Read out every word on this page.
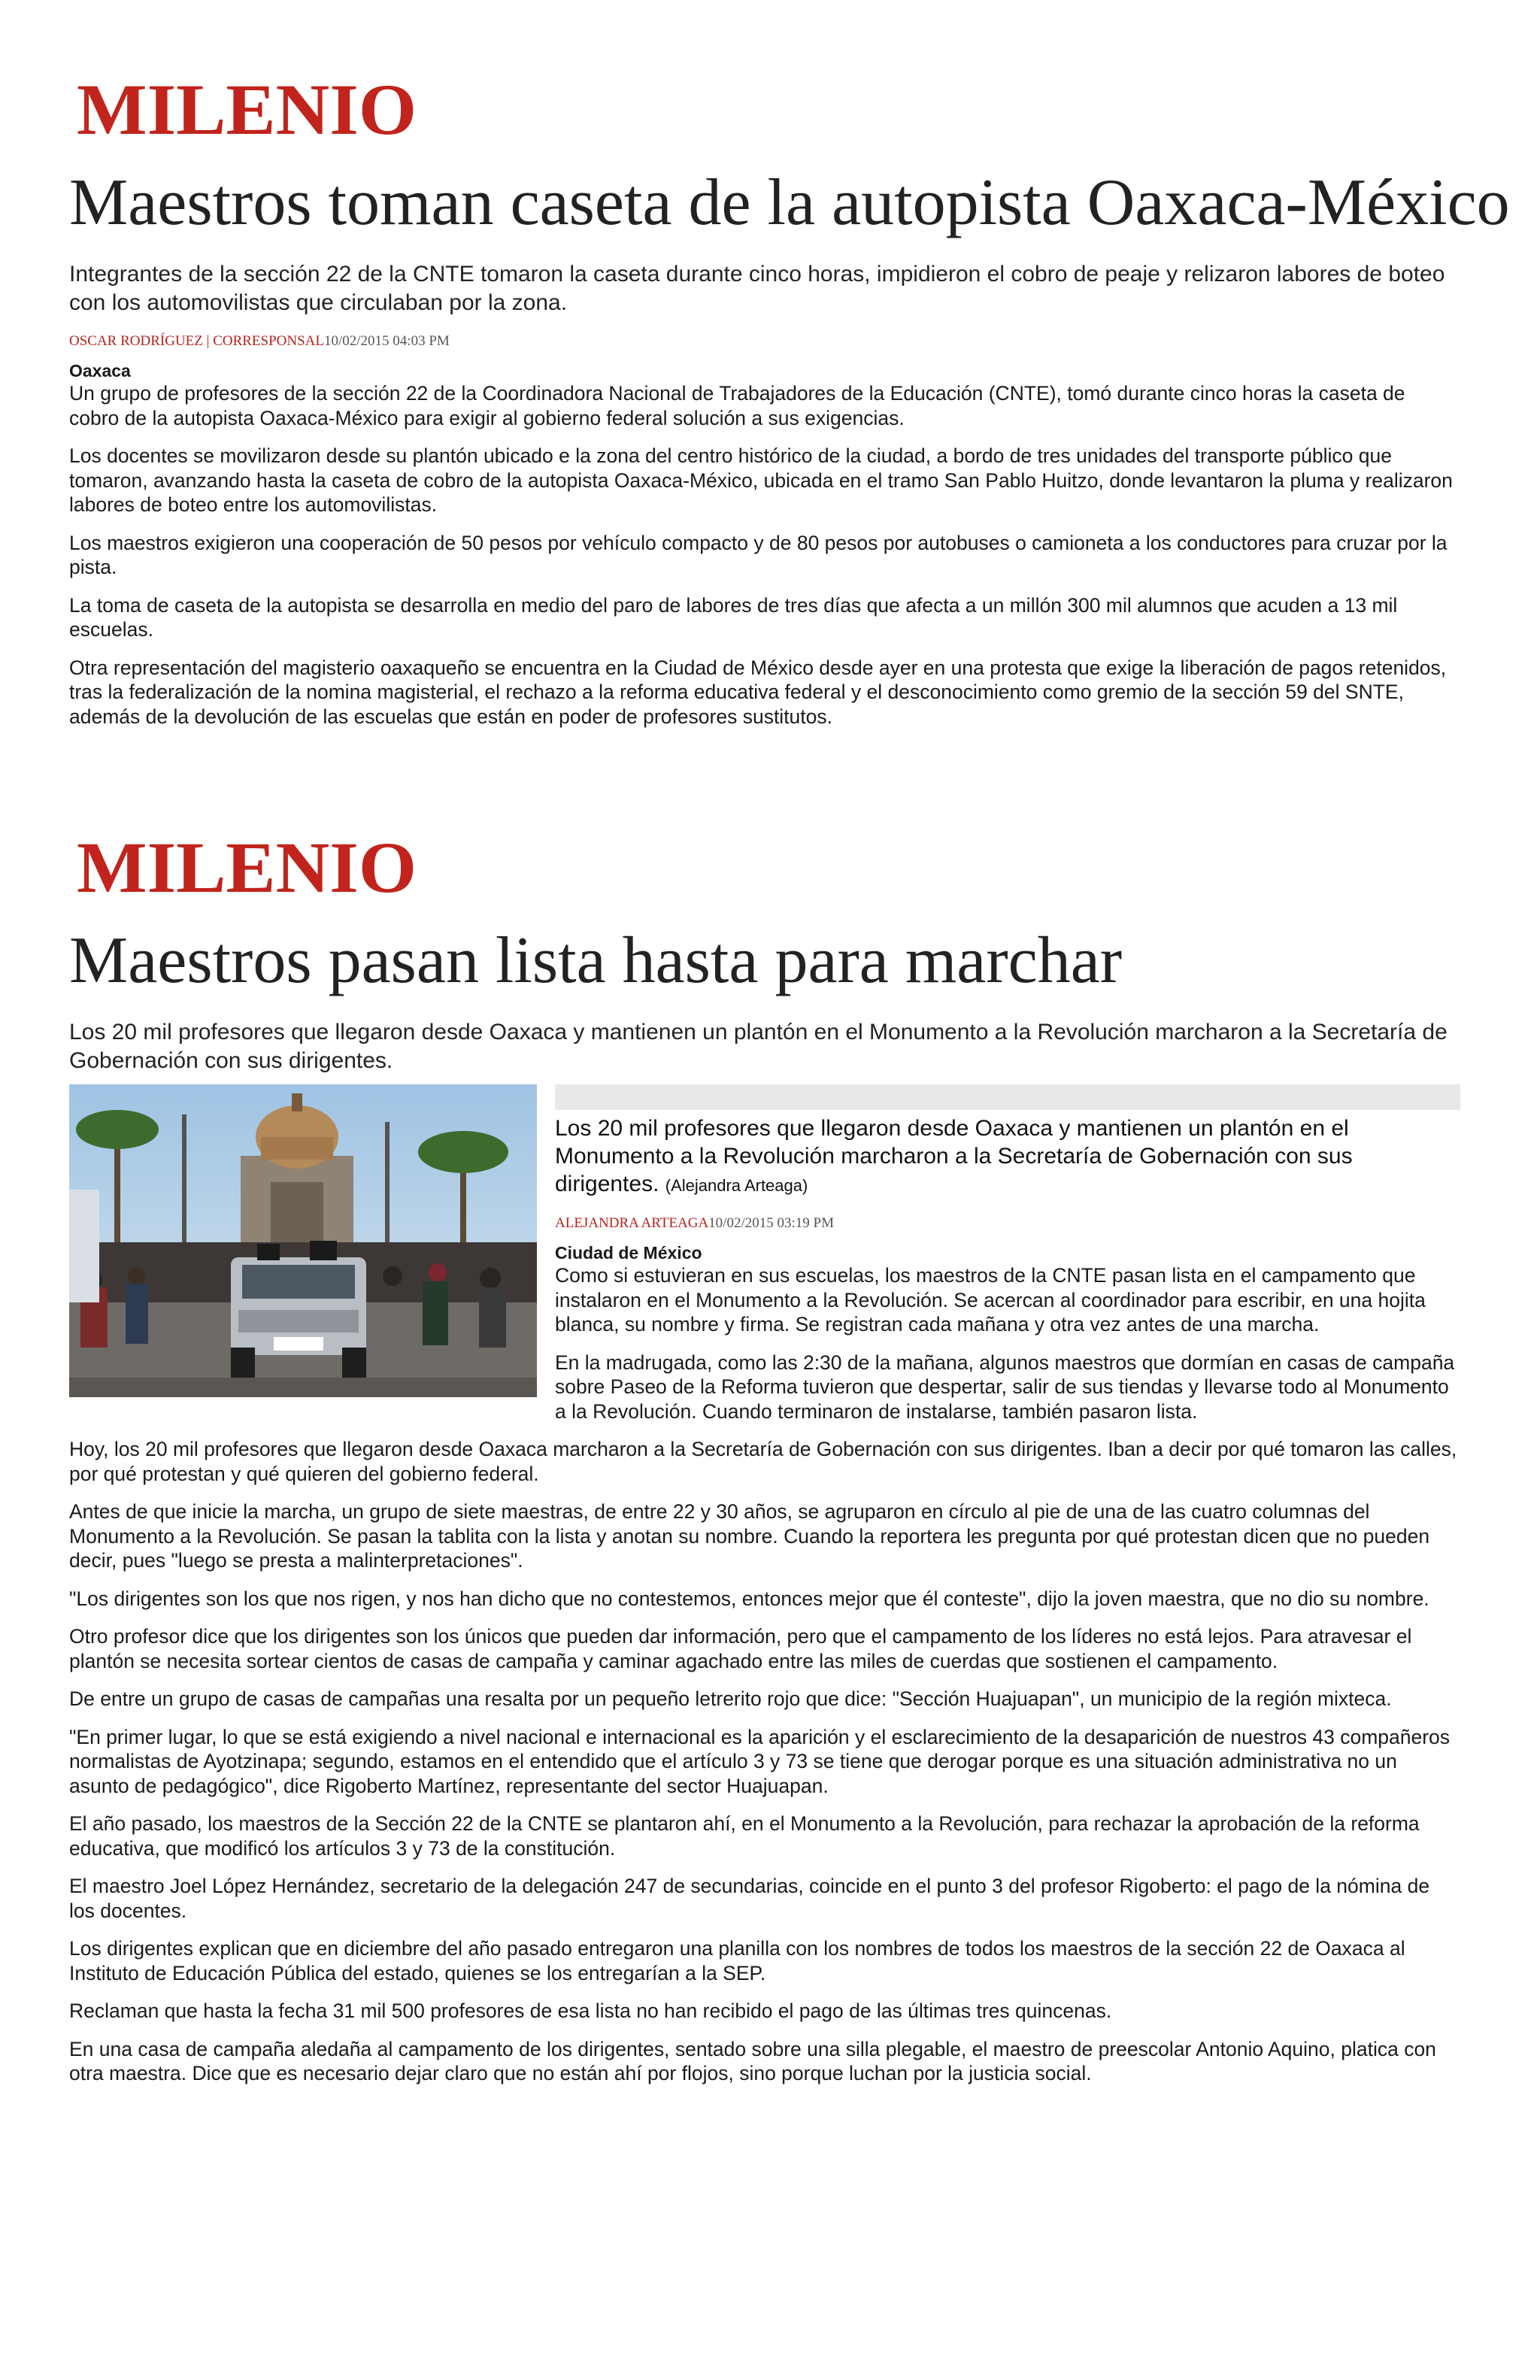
MILENIO
Maestros toman caseta de la autopista Oaxaca-México

Integrantes de la sección 22 de la CNTE tomaron la caseta durante cinco horas, impidieron el cobro de peaje y relizaron labores de boteo con los automovilistas que circulaban por la zona.

OSCAR RODRÍGUEZ | CORRESPONSAL10/02/2015 04:03 PM
Oaxaca

Un grupo de profesores de la sección 22 de la Coordinadora Nacional de Trabajadores de la Educación (CNTE), tomó durante cinco horas la caseta de cobro de la autopista Oaxaca-México para exigir al gobierno federal solución a sus exigencias.

Los docentes se movilizaron desde su plantón ubicado e la zona del centro histórico de la ciudad, a bordo de tres unidades del transporte público que tomaron, avanzando hasta la caseta de cobro de la autopista Oaxaca-México, ubicada en el tramo San Pablo Huitzo, donde levantaron la pluma y realizaron labores de boteo entre los automovilistas.

Los maestros exigieron una cooperación de 50 pesos por vehículo compacto y de 80 pesos por autobuses o camioneta a los conductores para cruzar por la pista.

La toma de caseta de la autopista se desarrolla en medio del paro de labores de tres días que afecta a un millón 300 mil alumnos que acuden a 13 mil escuelas.

Otra representación del magisterio oaxaqueño se encuentra en la Ciudad de México desde ayer en una protesta que exige la liberación de pagos retenidos, tras la federalización de la nomina magisterial, el rechazo a la reforma educativa federal y el desconocimiento como gremio de la sección 59 del SNTE, además de la devolución de las escuelas que están en poder de profesores sustitutos.

MILENIO
Maestros pasan lista hasta para marchar

Los 20 mil profesores que llegaron desde Oaxaca y mantienen un plantón en el Monumento a la Revolución marcharon a la Secretaría de Gobernación con sus dirigentes.

Los 20 mil profesores que llegaron desde Oaxaca y mantienen un plantón en el Monumento a la Revolución marcharon a la Secretaría de Gobernación con sus dirigentes. (Alejandra Arteaga)

ALEJANDRA ARTEAGA10/02/2015 03:19 PM
Ciudad de México

Como si estuvieran en sus escuelas, los maestros de la CNTE pasan lista en el campamento que instalaron en el Monumento a la Revolución. Se acercan al coordinador para escribir, en una hojita blanca, su nombre y firma. Se registran cada mañana y otra vez antes de una marcha.

En la madrugada, como las 2:30 de la mañana, algunos maestros que dormían en casas de campaña sobre Paseo de la Reforma tuvieron que despertar, salir de sus tiendas y llevarse todo al Monumento a la Revolución. Cuando terminaron de instalarse, también pasaron lista.

Hoy, los 20 mil profesores que llegaron desde Oaxaca marcharon a la Secretaría de Gobernación con sus dirigentes. Iban a decir por qué tomaron las calles, por qué protestan y qué quieren del gobierno federal.

Antes de que inicie la marcha, un grupo de siete maestras, de entre 22 y 30 años, se agruparon en círculo al pie de una de las cuatro columnas del Monumento a la Revolución. Se pasan la tablita con la lista y anotan su nombre. Cuando la reportera les pregunta por qué protestan dicen que no pueden decir, pues "luego se presta a malinterpretaciones".

"Los dirigentes son los que nos rigen, y nos han dicho que no contestemos, entonces mejor que él conteste", dijo la joven maestra, que no dio su nombre.

Otro profesor dice que los dirigentes son los únicos que pueden dar información, pero que el campamento de los líderes no está lejos. Para atravesar el plantón se necesita sortear cientos de casas de campaña y caminar agachado entre las miles de cuerdas que sostienen el campamento.

De entre un grupo de casas de campañas una resalta por un pequeño letrerito rojo que dice: "Sección Huajuapan", un municipio de la región mixteca.

"En primer lugar, lo que se está exigiendo a nivel nacional e internacional es la aparición y el esclarecimiento de la desaparición de nuestros 43 compañeros normalistas de Ayotzinapa; segundo, estamos en el entendido que el artículo 3 y 73 se tiene que derogar porque es una situación administrativa no un asunto de pedagógico", dice Rigoberto Martínez, representante del sector Huajuapan.

El año pasado, los maestros de la Sección 22 de la CNTE se plantaron ahí, en el Monumento a la Revolución, para rechazar la aprobación de la reforma educativa, que modificó los artículos 3 y 73 de la constitución.

El maestro Joel López Hernández, secretario de la delegación 247 de secundarias, coincide en el punto 3 del profesor Rigoberto: el pago de la nómina de los docentes.

Los dirigentes explican que en diciembre del año pasado entregaron una planilla con los nombres de todos los maestros de la sección 22 de Oaxaca al Instituto de Educación Pública del estado, quienes se los entregarían a la SEP.

Reclaman que hasta la fecha 31 mil 500 profesores de esa lista no han recibido el pago de las últimas tres quincenas.

En una casa de campaña aledaña al campamento de los dirigentes, sentado sobre una silla plegable, el maestro de preescolar Antonio Aquino, platica con otra maestra. Dice que es necesario dejar claro que no están ahí por flojos, sino porque luchan por la justicia social.
